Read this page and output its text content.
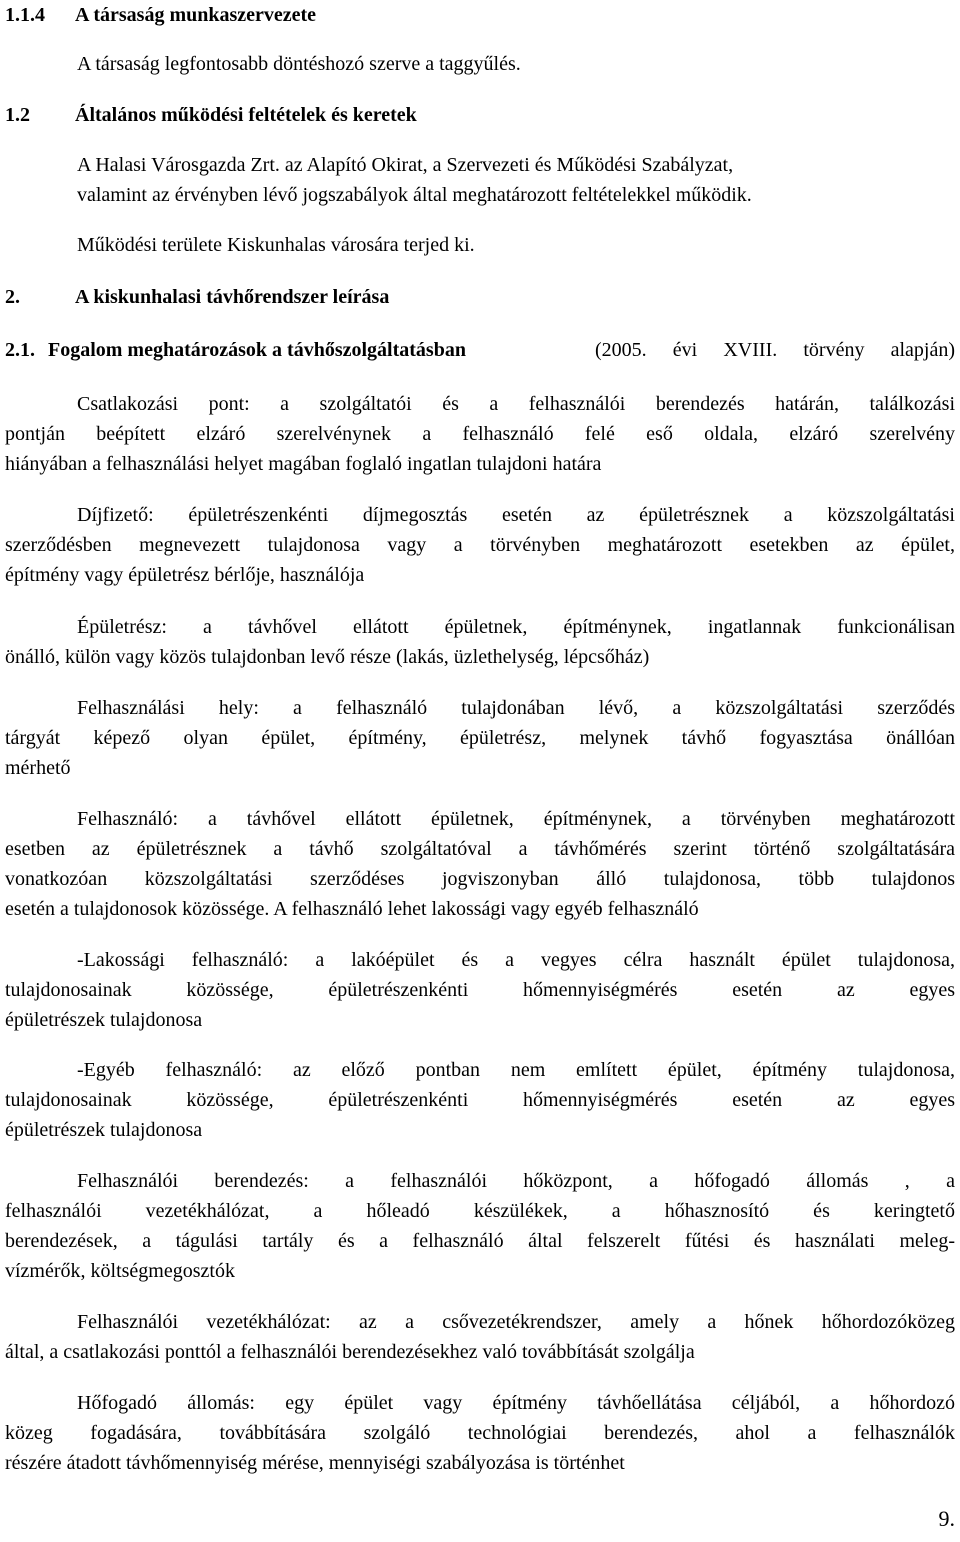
1.1.4 A társaság munkaszervezete
A társaság legfontosabb döntéshozó szerve a taggyűlés.
1.2 Általános működési feltételek és keretek
A Halasi Városgazda Zrt. az Alapító Okirat, a Szervezeti és Működési Szabályzat,
valamint az érvényben lévő jogszabályok által meghatározott feltételekkel működik.
Működési területe Kiskunhalas városára terjed ki.
2.	A kiskunhalasi távhőrendszer leírása
2.1. Fogalom meghatározások a távhőszolgáltatásban	(2005. évi XVIII. törvény alapján)
Csatlakozási pont: a szolgáltatói és a felhasználói berendezés határán, találkozási
pontján beépített elzáró szerelvénynek a felhasználó felé eső oldala, elzáró szerelvény
hiányában a felhasználási helyet magában foglaló ingatlan tulajdoni határa
Díjfizető: épületrészenkénti díjmegosztás esetén az épületrésznek a közszolgáltatási
szerződésben megnevezett tulajdonosa vagy a törvényben meghatározott esetekben az épület,
építmény vagy épületrész bérlője, használója
Épületrész: a távhővel ellátott épületnek, építménynek, ingatlannak funkcionálisan
önálló, külön vagy közös tulajdonban levő része (lakás, üzlethelység, lépcsőház)
Felhasználási hely: a felhasználó tulajdonában lévő, a közszolgáltatási szerződés
tárgyát képező olyan épület, építmény, épületrész, melynek távhő fogyasztása önállóan
mérhető
Felhasználó: a távhővel ellátott épületnek, építménynek, a törvényben meghatározott
esetben az épületrésznek a távhő szolgáltatóval a távhőmérés szerint történő szolgáltatására
vonatkozóan közszolgáltatási szerződéses jogviszonyban álló tulajdonosa, több tulajdonos
esetén a tulajdonosok közössége. A felhasználó lehet lakossági vagy egyéb felhasználó
-Lakossági felhasználó: a lakóépület és a vegyes célra használt épület tulajdonosa,
tulajdonosainak közössége, épületrészenkénti hőmennyiségmérés esetén az egyes
épületrészek tulajdonosa
-Egyéb felhasználó: az előző pontban nem említett épület, építmény tulajdonosa,
tulajdonosainak közössége, épületrészenkénti hőmennyiségmérés esetén az egyes
épületrészek tulajdonosa
Felhasználói berendezés: a felhasználói hőközpont, a hőfogadó állomás , a
felhasználói vezetékhálózat, a hőleadó készülékek, a hőhasznosító és keringtető
berendezések, a tágulási tartály és a felhasználó által felszerelt fűtési és használati meleg-
vízmérők, költségmegosztók
Felhasználói vezetékhálózat: az a csővezetékrendszer, amely a hőnek hőhordozóközeg
által, a csatlakozási ponttól a felhasználói berendezésekhez való továbbítását szolgálja
Hőfogadó állomás: egy épület vagy építmény távhőellátása céljából, a hőhordozó
közeg fogadására, továbbítására szolgáló technológiai berendezés, ahol a felhasználók
részére átadott távhőmennyiség mérése, mennyiségi szabályozása is történhet
9.
